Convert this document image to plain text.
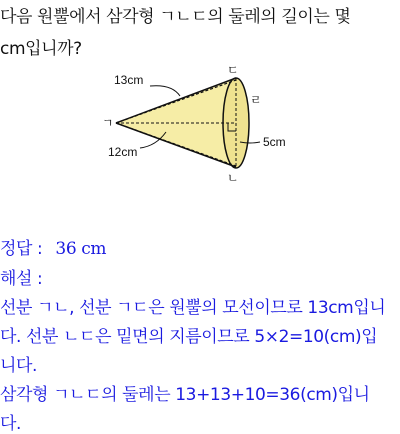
다음 원뿔에서 삼각형 ㄱㄴㄷ의 둘레의 길이는 몇
cm입니까?
13cm
12cm
5cm
ㄱ
ㄷ
ㄴ
ㄹ
정답 : 36 cm
해설 :
선분 ㄱㄴ, 선분 ㄱㄷ은 원뿔의 모선이므로 13cm입니
다. 선분 ㄴㄷ은 밑면의 지름이므로 5×2=10(cm)입
니다.
삼각형 ㄱㄴㄷ의 둘레는 13+13+10=36(cm)입니
다.
